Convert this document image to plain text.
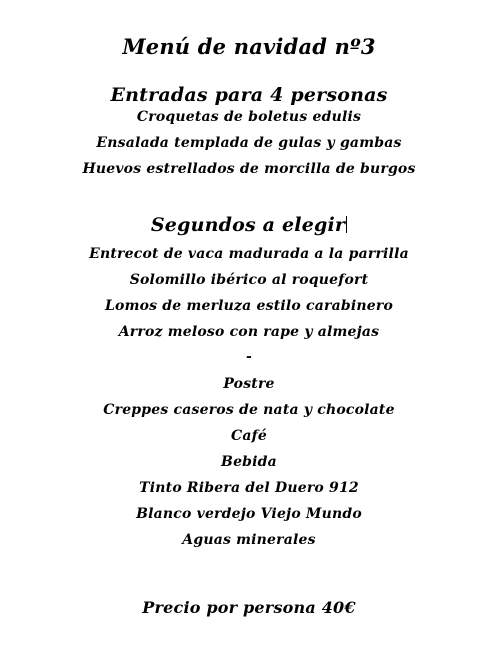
Menú de navidad nº3
Entradas para 4 personas
Croquetas de boletus edulis
Ensalada templada de gulas y gambas
Huevos estrellados de morcilla de burgos
Segundos a elegir
Entrecot de vaca madurada a la parrilla
Solomillo ibérico al roquefort
Lomos de merluza estilo carabinero
Arroz meloso con rape y almejas
-
Postre
Creppes caseros de nata y chocolate
Café
Bebida
Tinto Ribera del Duero 912
Blanco verdejo Viejo Mundo
Aguas minerales
Precio por persona 40€
